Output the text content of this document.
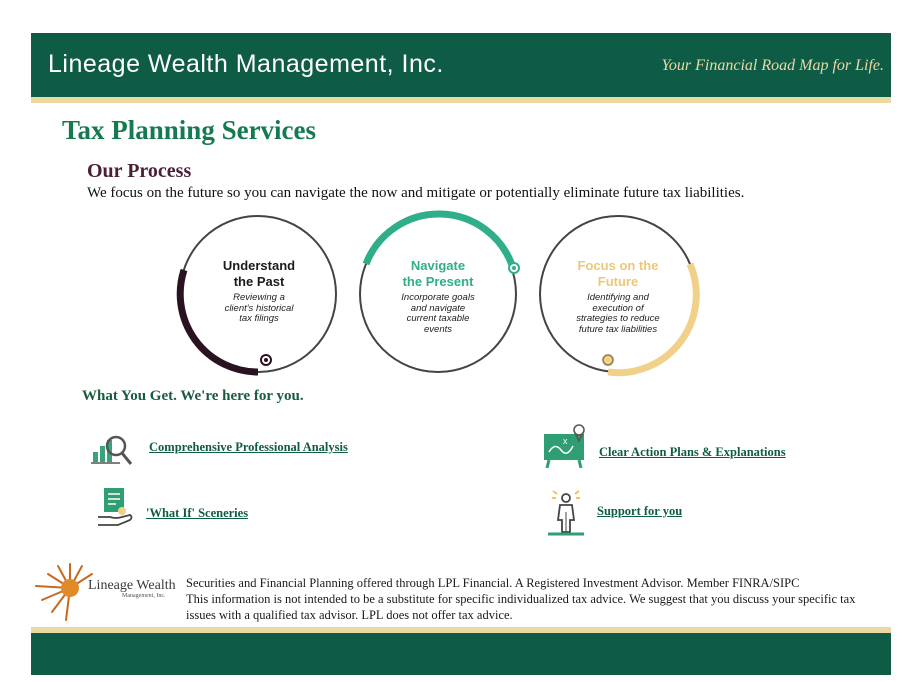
Lineage Wealth Management, Inc.	Your Financial Road Map for Life.
Tax Planning Services
Our Process
We focus on the future so you can navigate the now and mitigate or potentially eliminate future tax liabilities.
Understand
the Past
Reviewing a
client's historical
tax filings
Navigate
the Present
Incorporate goals
and navigate
current taxable
events
Focus on the
Future
Identifying and
execution of
strategies to reduce
future tax liabilities
What You Get. We're here for you.
Comprehensive Professional Analysis	x
Clear Action Plans & Explanations
'What If' Sceneries	Support for you
Lineage Wealth
Management, Inc.

Securities and Financial Planning offered through LPL Financial. A Registered Investment Advisor. Member FINRA/SIPC

This information is not intended to be a substitute for specific individualized tax advice. We suggest that you discuss your specific tax issues with a qualified tax advisor. LPL does not offer tax advice.
